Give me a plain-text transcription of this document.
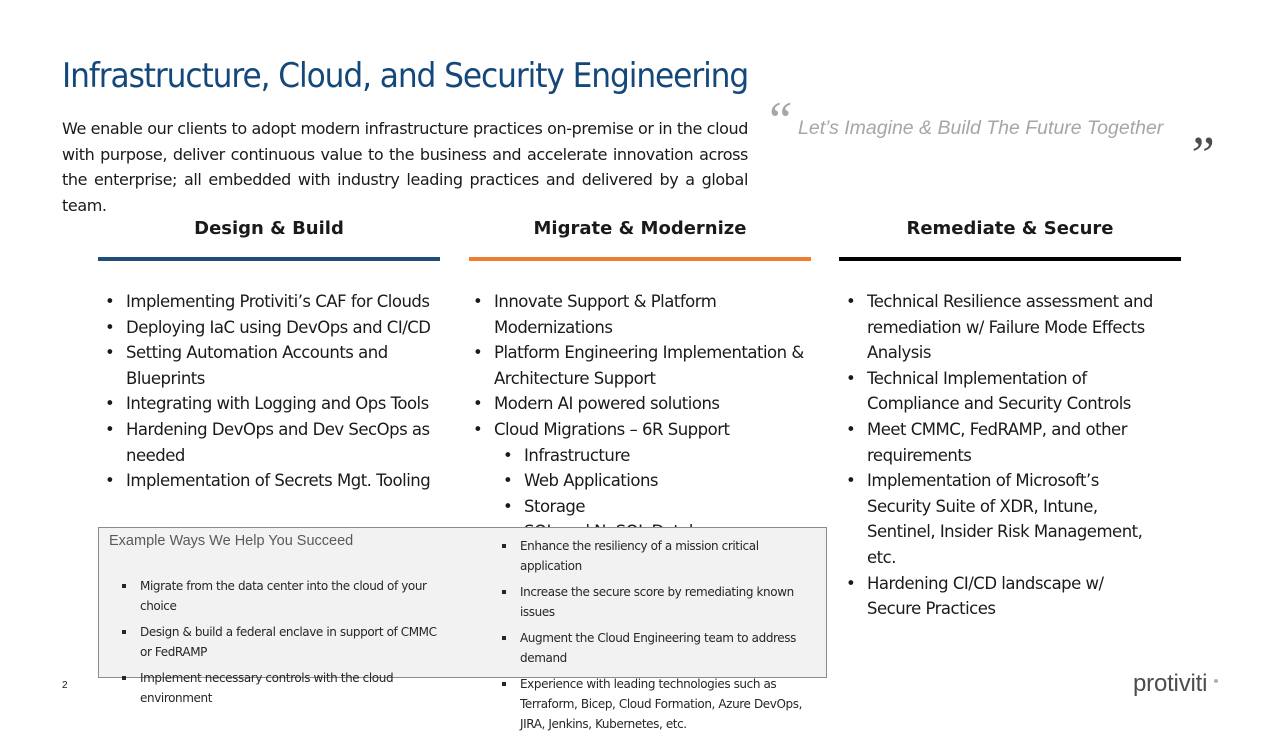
Infrastructure, Cloud, and Security Engineering

We enable our clients to adopt modern infrastructure practices on-premise or in the cloud with purpose, deliver continuous value to the business and accelerate innovation across the enterprise; all embedded with industry leading practices and delivered by a global team.

“ Let’s Imagine & Build The Future Together ”
Design & Build
• Implementing Protiviti’s CAF for Clouds
• Deploying IaC using DevOps and CI/CD
• Setting Automation Accounts and Blueprints
• Integrating with Logging and Ops Tools
• Hardening DevOps and Dev SecOps as needed
• Implementation of Secrets Mgt. Tooling
Migrate & Modernize
• Innovate Support & Platform Modernizations
• Platform Engineering Implementation & Architecture Support
• Modern AI powered solutions
• Cloud Migrations – 6R Support
• Infrastructure
• Web Applications
• Storage
•
Remediate & Secure
• Technical Resilience assessment and remediation w/ Failure Mode Effects Analysis
• Technical Implementation of Compliance and Security Controls
• Meet CMMC, FedRAMP, and other requirements
• Implementation of Microsoft’s Security Suite of XDR, Intune, Sentinel, Insider Risk Management, etc.
• Hardening CI/CD landscape w/ Secure Practices
Example Ways We Help You Succeed
Migrate from the data center into the cloud of your choice
Design & build a federal enclave in support of CMMC or FedRAMP
Implement necessary controls with the cloud environment
Enhance the resiliency of a mission critical application
Increase the secure score by remediating known issues
Augment the Cloud Engineering team to address demand
Experience with leading technologies such as Terraform, Bicep, Cloud Formation, Azure DevOps, JIRA, Jenkins, Kubernetes, etc.
2	protiviti
